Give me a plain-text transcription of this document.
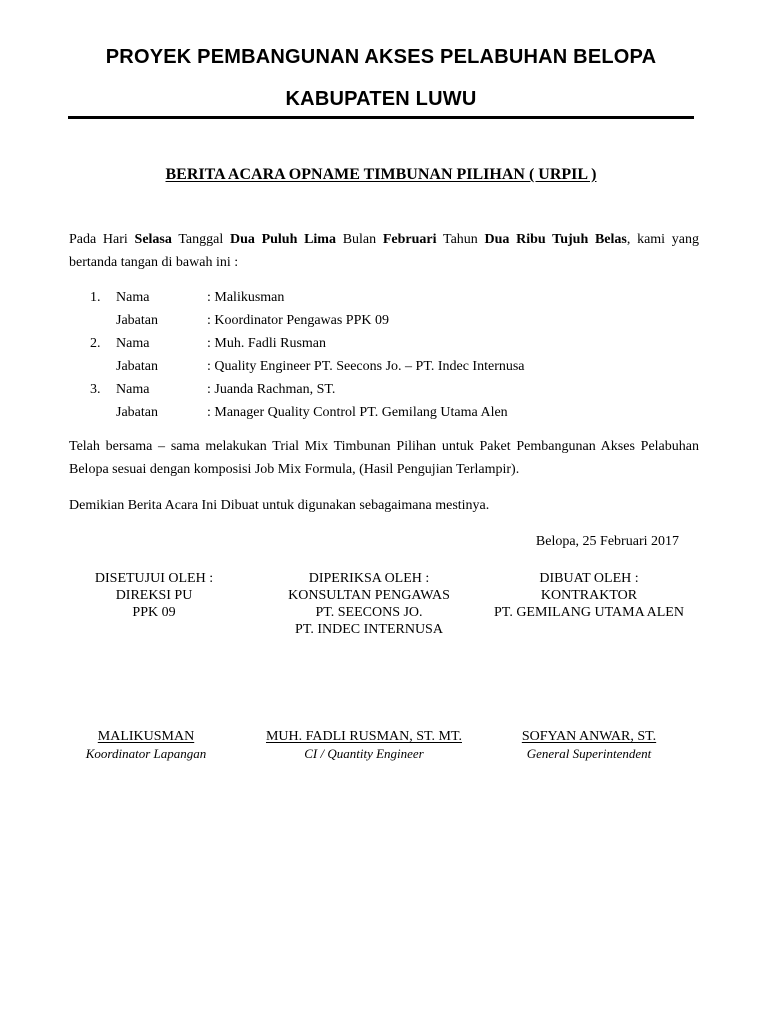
PROYEK PEMBANGUNAN AKSES PELABUHAN BELOPA
KABUPATEN LUWU
BERITA ACARA OPNAME TIMBUNAN PILIHAN ( URPIL )
Pada Hari Selasa Tanggal Dua Puluh Lima Bulan Februari Tahun Dua Ribu Tujuh Belas, kami yang bertanda tangan di bawah ini :
1. Nama	: Malikusman
Jabatan	: Koordinator Pengawas PPK 09
2. Nama	: Muh. Fadli Rusman
Jabatan	: Quality Engineer PT. Seecons Jo. – PT. Indec Internusa
3. Nama	: Juanda Rachman, ST.
Jabatan	: Manager Quality Control PT. Gemilang Utama Alen
Telah bersama – sama melakukan Trial Mix Timbunan Pilihan untuk Paket Pembangunan Akses Pelabuhan Belopa sesuai dengan komposisi Job Mix Formula, (Hasil Pengujian Terlampir).
Demikian Berita Acara Ini Dibuat untuk digunakan sebagaimana mestinya.
Belopa, 25 Februari 2017
DISETUJUI OLEH :
DIREKSI PU
PPK 09
DIPERIKSA OLEH :
KONSULTAN PENGAWAS
PT. SEECONS JO.
PT. INDEC INTERNUSA
DIBUAT OLEH :
KONTRAKTOR
PT. GEMILANG UTAMA ALEN
MALIKUSMAN
Koordinator Lapangan
MUH. FADLI RUSMAN, ST. MT.
CI / Quantity Engineer
SOFYAN ANWAR, ST.
General Superintendent
